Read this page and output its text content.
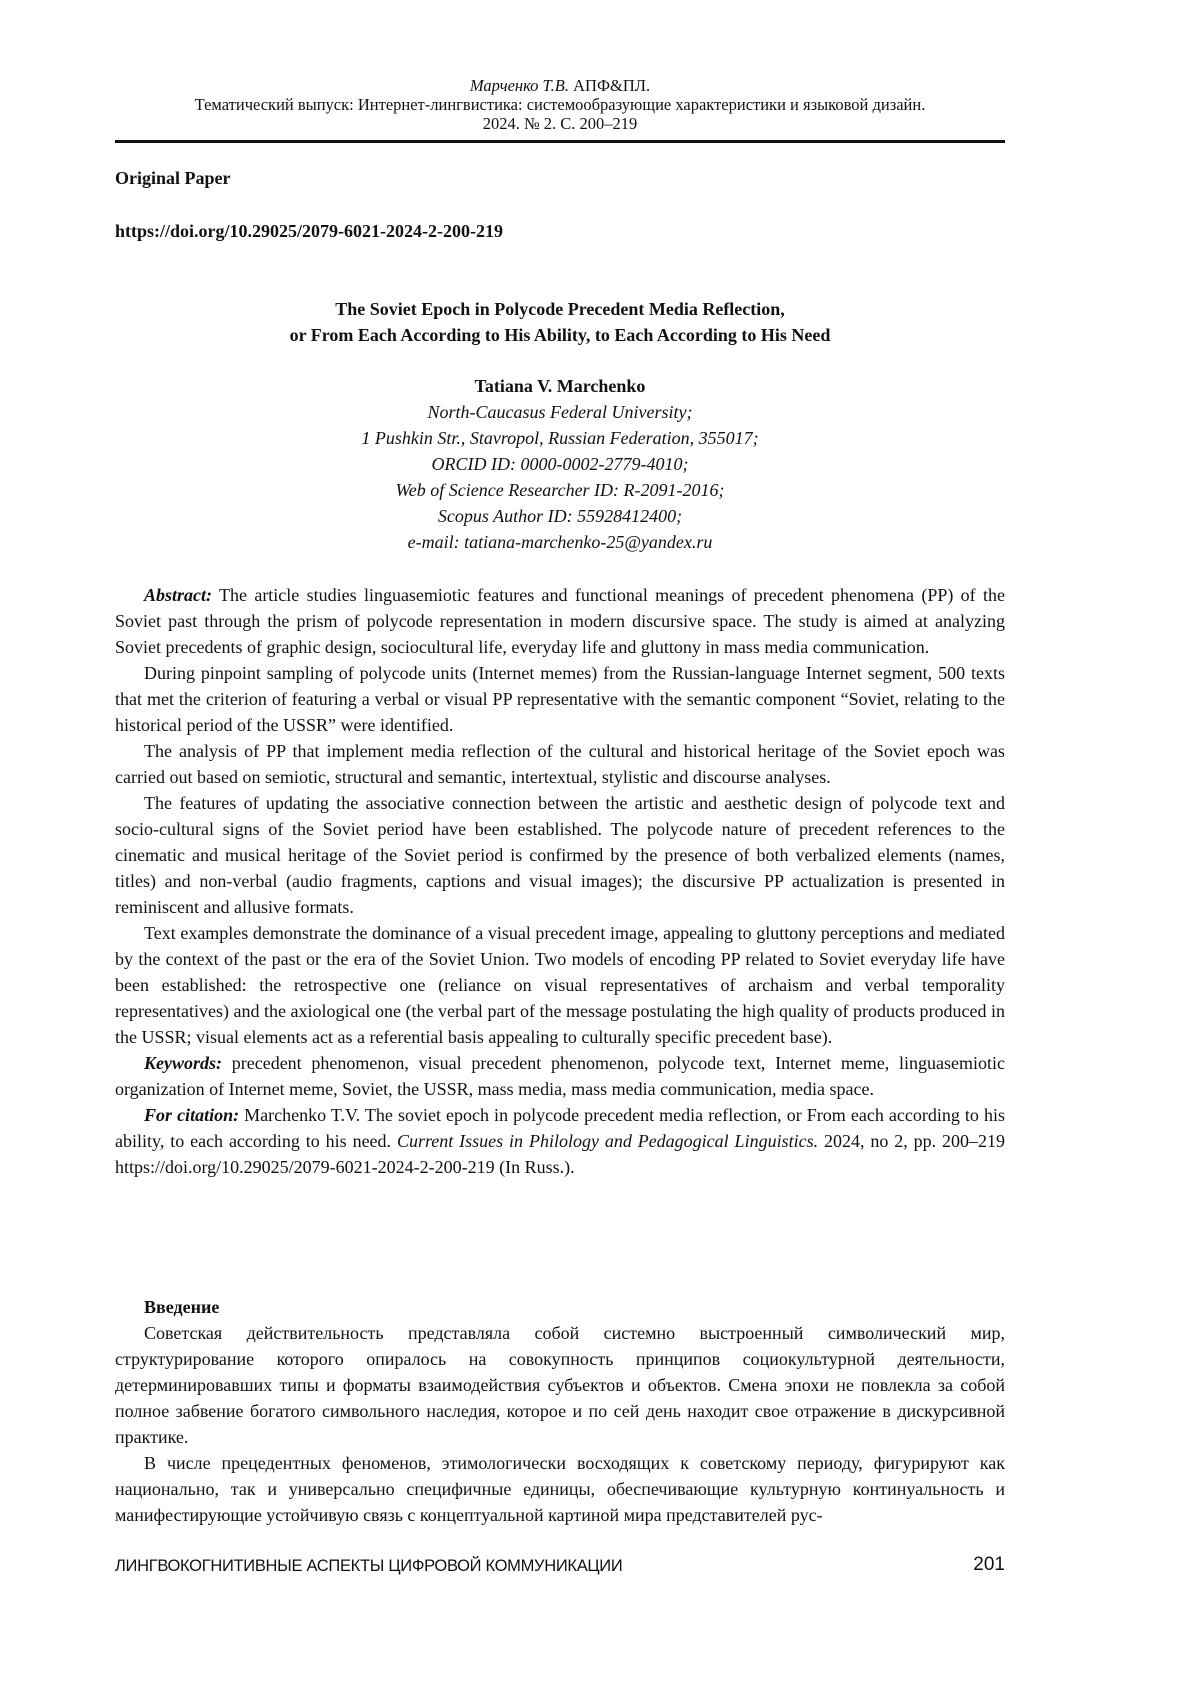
Марченко Т.В. АПФ&ПЛ.
Тематический выпуск: Интернет-лингвистика: системообразующие характеристики и языковой дизайн.
2024. № 2. С. 200–219
Original Paper
https://doi.org/10.29025/2079-6021-2024-2-200-219
The Soviet Epoch in Polycode Precedent Media Reflection,
or From Each According to His Ability, to Each According to His Need
Tatiana V. Marchenko
North-Caucasus Federal University;
1 Pushkin Str., Stavropol, Russian Federation, 355017;
ORCID ID: 0000-0002-2779-4010;
Web of Science Researcher ID: R-2091-2016;
Scopus Author ID: 55928412400;
e-mail: tatiana-marchenko-25@yandex.ru

Abstract: The article studies linguasemiotic features and functional meanings of precedent phenomena (PP) of the Soviet past through the prism of polycode representation in modern discursive space. The study is aimed at analyzing Soviet precedents of graphic design, sociocultural life, everyday life and gluttony in mass media communication.

During pinpoint sampling of polycode units (Internet memes) from the Russian-language Internet segment, 500 texts that met the criterion of featuring a verbal or visual PP representative with the semantic component “Soviet, relating to the historical period of the USSR” were identified.

The analysis of PP that implement media reflection of the cultural and historical heritage of the Soviet epoch was carried out based on semiotic, structural and semantic, intertextual, stylistic and discourse analyses.

The features of updating the associative connection between the artistic and aesthetic design of polycode text and socio-cultural signs of the Soviet period have been established. The polycode nature of precedent references to the cinematic and musical heritage of the Soviet period is confirmed by the presence of both verbalized elements (names, titles) and non-verbal (audio fragments, captions and visual images); the discursive PP actualization is presented in reminiscent and allusive formats.

Text examples demonstrate the dominance of a visual precedent image, appealing to gluttony perceptions and mediated by the context of the past or the era of the Soviet Union. Two models of encoding PP related to Soviet everyday life have been established: the retrospective one (reliance on visual representatives of archaism and verbal temporality representatives) and the axiological one (the verbal part of the message postulating the high quality of products produced in the USSR; visual elements act as a referential basis appealing to culturally specific precedent base).

Keywords: precedent phenomenon, visual precedent phenomenon, polycode text, Internet meme, linguasemiotic organization of Internet meme, Soviet, the USSR, mass media, mass media communication, media space.

For citation: Marchenko T.V. The soviet epoch in polycode precedent media reflection, or From each according to his ability, to each according to his need. Current Issues in Philology and Pedagogical Linguistics. 2024, no 2, pp. 200–219 https://doi.org/10.29025/2079-6021-2024-2-200-219 (In Russ.).

Введение

Советская действительность представляла собой системно выстроенный символический мир, структурирование которого опиралось на совокупность принципов социокультурной деятельности, детерминировавших типы и форматы взаимодействия субъектов и объектов. Смена эпохи не повлекла за собой полное забвение богатого символьного наследия, которое и по сей день находит свое отражение в дискурсивной практике.

В числе прецедентных феноменов, этимологически восходящих к советскому периоду, фигурируют как национально, так и универсально специфичные единицы, обеспечивающие культурную континуальность и манифестирующие устойчивую связь с концептуальной картиной мира представителей рус-

ЛИНГВОКОГНИТИВНЫЕ АСПЕКТЫ ЦИФРОВОЙ КОММУНИКАЦИИ	201
